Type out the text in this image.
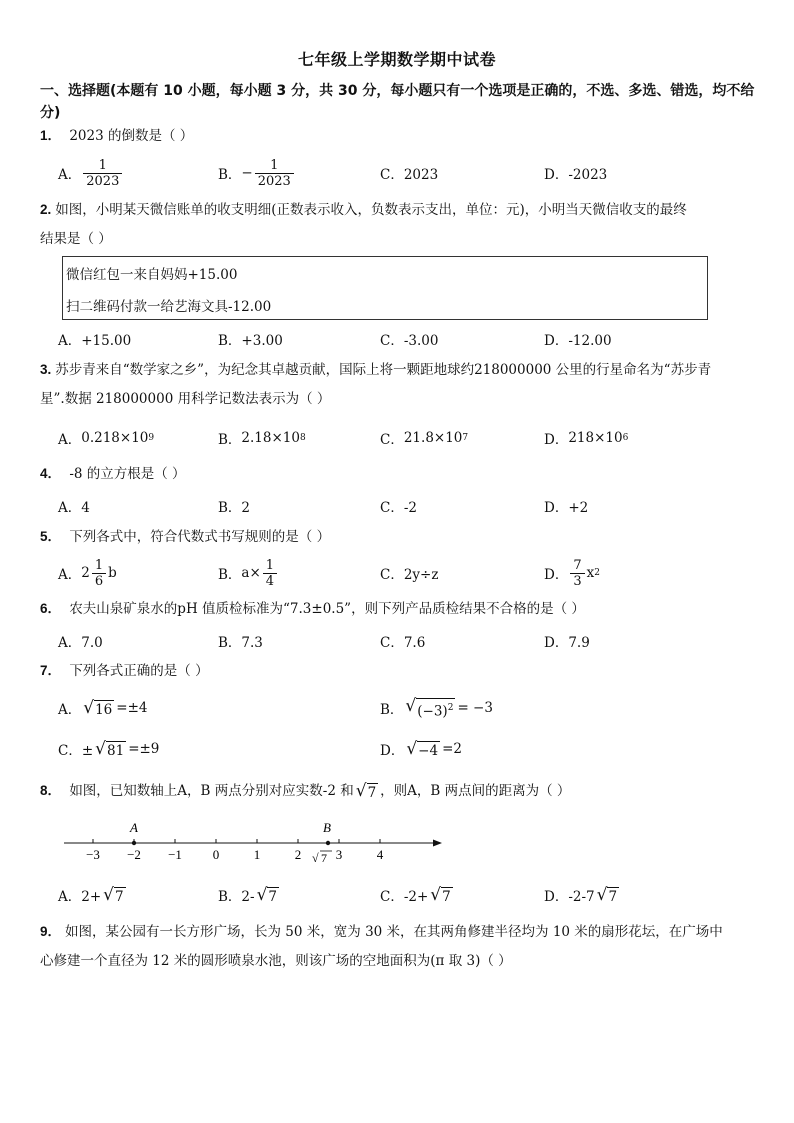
七年级上学期数学期中试卷
一、选择题(本题有 10 小题，每小题 3 分，共 30 分，每小题只有一个选项是正确的，不选、多选、错选，均不给分)
1． 2023 的倒数是（ ）
A． $\frac{1}{2023}$	B． − $\frac{1}{2023}$	C．2023	D．-2023
2. 如图，小明某天微信账单的收支明细(正数表示收入，负数表示支出，单位：元)，小明当天微信收支的最终
结果是（ ）
微信红包一来自妈妈+15.00
扫二维码付款一给艺海文具-12.00
A．+15.00	B．+3.00	C．-3.00	D．-12.00
3. 苏步青来自“数学家之乡”，为纪念其卓越贡献，国际上将一颗距地球约218000000 公里的行星命名为“苏步青
星”.数据 218000000 用科学记数法表示为（ ）
A． 0.218×10 9	B． 2.18×10 8	C． 21.8×10 7	D． 218×10 6
4． -8 的立方根是（ ）
A．4	B．2	C．-2	D．+2
5． 下列各式中，符合代数式书写规则的是（ ）
A． $2 \frac{1}{6}$ b	B． $a\times \frac{1}{4}$	C．2y÷z	D． $\frac{7}{3}$ x 2
6． 农夫山泉矿泉水的pH 值质检标准为“7.3±0.5”，则下列产品质检结果不合格的是（ ）
A．7.0	B．7.3	C．7.6	D．7.9
7． 下列各式正确的是（ ）
A． √ 16 =±4	B． √ $(-3)^2 = -3$
C．± √ 81 =±9	D． √ −4 =2
8． 如图，已知数轴上A，B 两点分别对应实数-2 和 √ 7 ，则A，B 两点间的距离为（ ）
−3 −2 −1 0	1	2	3	4
A	B
√ 7
A．2+ √ 7	B．2- √ 7	C．-2+ √ 7	D．-2-7 √ 7
9． 如图，某公园有一长方形广场，长为 50 米，宽为 30 米，在其两角修建半径均为 10 米的扇形花坛，在广场中
心修建一个直径为 12 米的圆形喷泉水池，则该广场的空地面积为(π 取 3)（ ）
